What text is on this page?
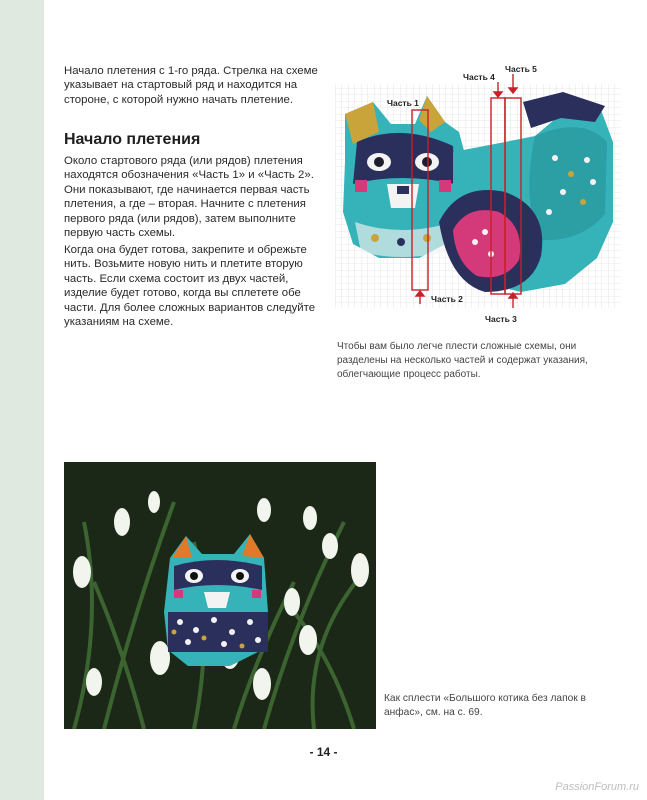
Начало плетения с 1-го ряда. Стрелка на схеме указывает на стартовый ряд и находится на стороне, с которой нужно начать плетение.

Начало плетения

Около стартового ряда (или рядов) плетения находятся обозначения «Часть 1» и «Часть 2». Они показывают, где начинается первая часть плетения, а где – вторая. Начните с плетения первого ряда (или рядов), затем выполните первую часть схемы.

Когда она будет готова, закрепите и обрежьте нить. Возьмите новую нить и плетите вторую часть. Если схема состоит из двух частей, изделие будет готово, когда вы сплетете обе части. Для более сложных вариантов следуйте указаниям на схеме.

Часть 1
Часть 2
Часть 3
Часть 4
Часть 5
Чтобы вам было легче плести сложные схемы, они разделены на несколько частей и содержат указания, облегчающие процесс работы.
Как сплести «Большого котика без лапок в анфас», см. на с. 69.
- 14 -
PassionForum.ru
